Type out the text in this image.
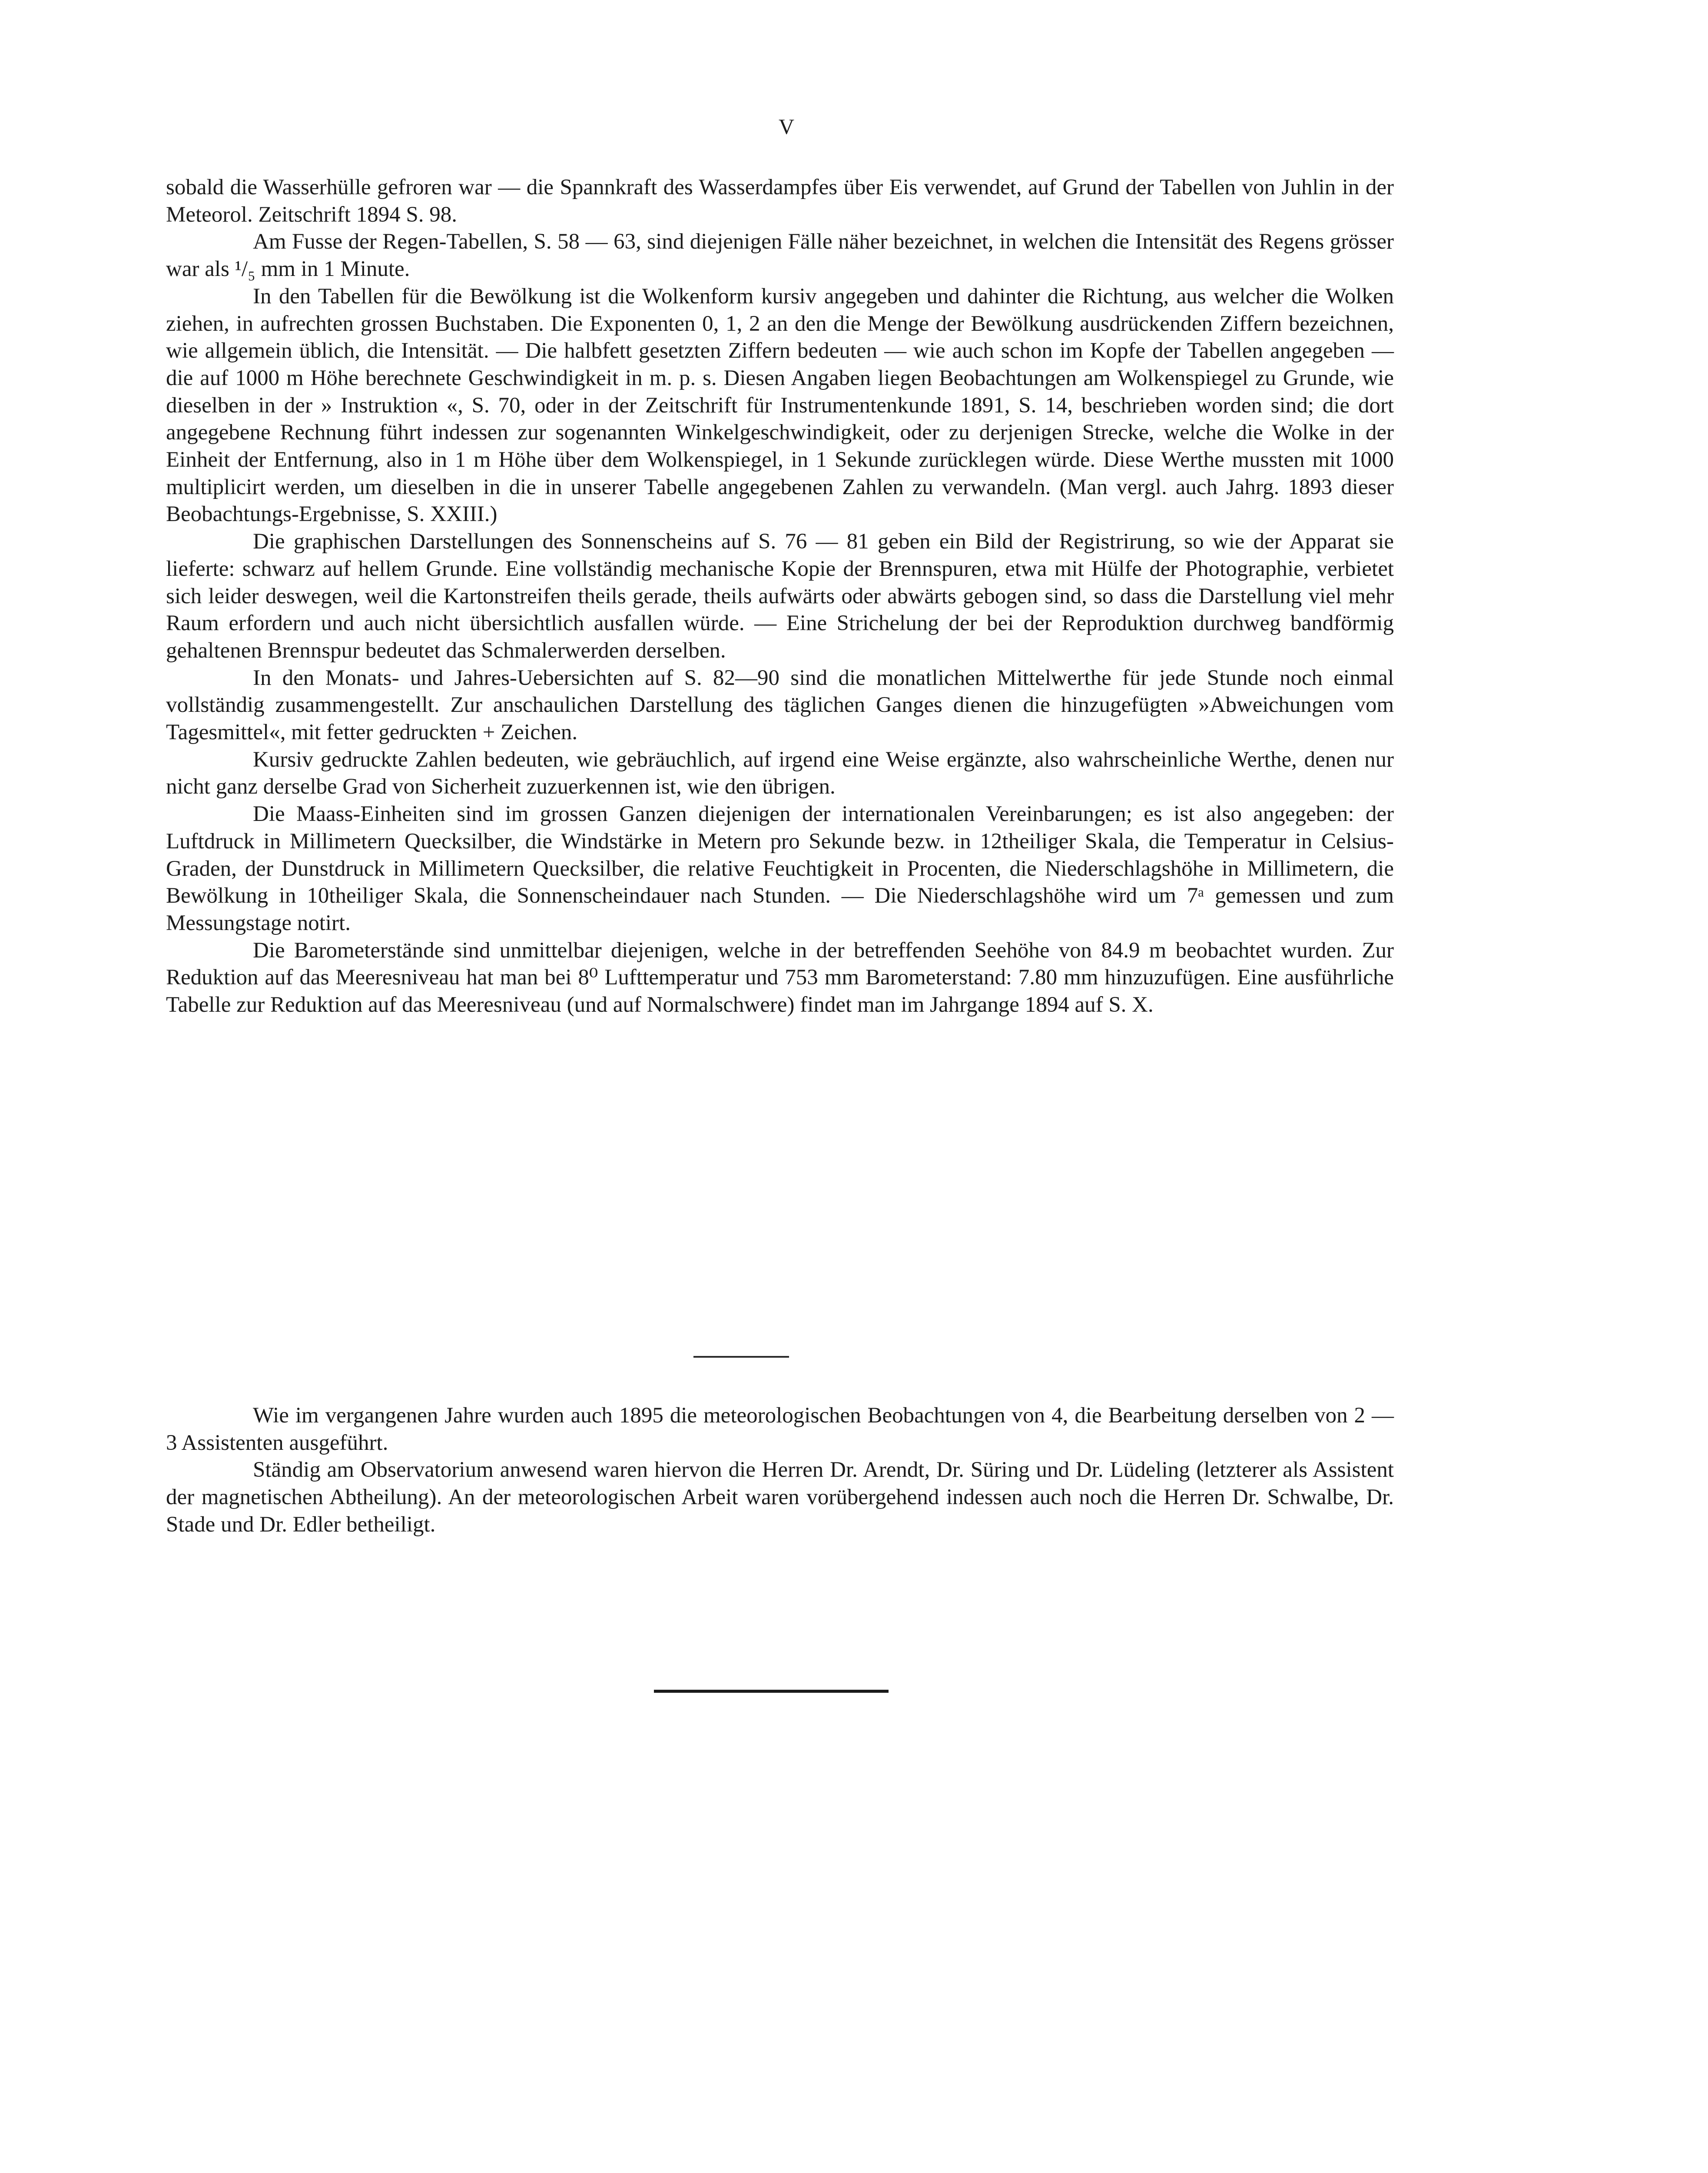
V

sobald die Wasserhülle gefroren war — die Spannkraft des Wasserdampfes über Eis verwendet, auf Grund der Tabellen von Juhlin in der Meteorol. Zeitschrift 1894 S. 98.

Am Fusse der Regen-Tabellen, S. 58 — 63, sind diejenigen Fälle näher bezeichnet, in welchen die Intensität des Regens grösser war als ¹/₅ mm in 1 Minute.

In den Tabellen für die Bewölkung ist die Wolkenform kursiv angegeben und dahinter die Richtung, aus welcher die Wolken ziehen, in aufrechten grossen Buchstaben. Die Exponenten 0, 1, 2 an den die Menge der Bewölkung ausdrückenden Ziffern bezeichnen, wie allgemein üblich, die Intensität. — Die halbfett gesetzten Ziffern bedeuten — wie auch schon im Kopfe der Tabellen angegeben — die auf 1000 m Höhe berechnete Geschwindigkeit in m. p. s. Diesen Angaben liegen Beobachtungen am Wolkenspiegel zu Grunde, wie dieselben in der » Instruktion «, S. 70, oder in der Zeitschrift für Instrumentenkunde 1891, S. 14, beschrieben worden sind; die dort angegebene Rechnung führt indessen zur sogenannten Winkelgeschwindigkeit, oder zu derjenigen Strecke, welche die Wolke in der Einheit der Entfernung, also in 1 m Höhe über dem Wolkenspiegel, in 1 Sekunde zurücklegen würde. Diese Werthe mussten mit 1000 multiplicirt werden, um dieselben in die in unserer Tabelle angegebenen Zahlen zu verwandeln. (Man vergl. auch Jahrg. 1893 dieser Beobachtungs-Ergebnisse, S. XXIII.)

Die graphischen Darstellungen des Sonnenscheins auf S. 76 — 81 geben ein Bild der Registrirung, so wie der Apparat sie lieferte: schwarz auf hellem Grunde. Eine vollständig mechanische Kopie der Brennspuren, etwa mit Hülfe der Photographie, verbietet sich leider deswegen, weil die Kartonstreifen theils gerade, theils aufwärts oder abwärts gebogen sind, so dass die Darstellung viel mehr Raum erfordern und auch nicht übersichtlich ausfallen würde. — Eine Strichelung der bei der Reproduktion durchweg bandförmig gehaltenen Brennspur bedeutet das Schmalerwerden derselben.

In den Monats- und Jahres-Uebersichten auf S. 82—90 sind die monatlichen Mittelwerthe für jede Stunde noch einmal vollständig zusammengestellt. Zur anschaulichen Darstellung des täglichen Ganges dienen die hinzugefügten »Abweichungen vom Tagesmittel«, mit fetter gedruckten + Zeichen.

Kursiv gedruckte Zahlen bedeuten, wie gebräuchlich, auf irgend eine Weise ergänzte, also wahrscheinliche Werthe, denen nur nicht ganz derselbe Grad von Sicherheit zuzuerkennen ist, wie den übrigen.

Die Maass-Einheiten sind im grossen Ganzen diejenigen der internationalen Vereinbarungen; es ist also angegeben: der Luftdruck in Millimetern Quecksilber, die Windstärke in Metern pro Sekunde bezw. in 12theiliger Skala, die Temperatur in Celsius-Graden, der Dunstdruck in Millimetern Quecksilber, die relative Feuchtigkeit in Procenten, die Niederschlagshöhe in Millimetern, die Bewölkung in 10theiliger Skala, die Sonnenscheindauer nach Stunden. — Die Niederschlagshöhe wird um 7ᵃ gemessen und zum Messungstage notirt.

Die Barometerstände sind unmittelbar diejenigen, welche in der betreffenden Seehöhe von 84.9 m beobachtet wurden. Zur Reduktion auf das Meeresniveau hat man bei 8⁰ Lufttemperatur und 753 mm Barometerstand: 7.80 mm hinzuzufügen. Eine ausführliche Tabelle zur Reduktion auf das Meeresniveau (und auf Normalschwere) findet man im Jahrgange 1894 auf S. X.

Wie im vergangenen Jahre wurden auch 1895 die meteorologischen Beobachtungen von 4, die Bearbeitung derselben von 2 — 3 Assistenten ausgeführt.

Ständig am Observatorium anwesend waren hiervon die Herren Dr. Arendt, Dr. Süring und Dr. Lüdeling (letzterer als Assistent der magnetischen Abtheilung). An der meteorologischen Arbeit waren vorübergehend indessen auch noch die Herren Dr. Schwalbe, Dr. Stade und Dr. Edler betheiligt.
